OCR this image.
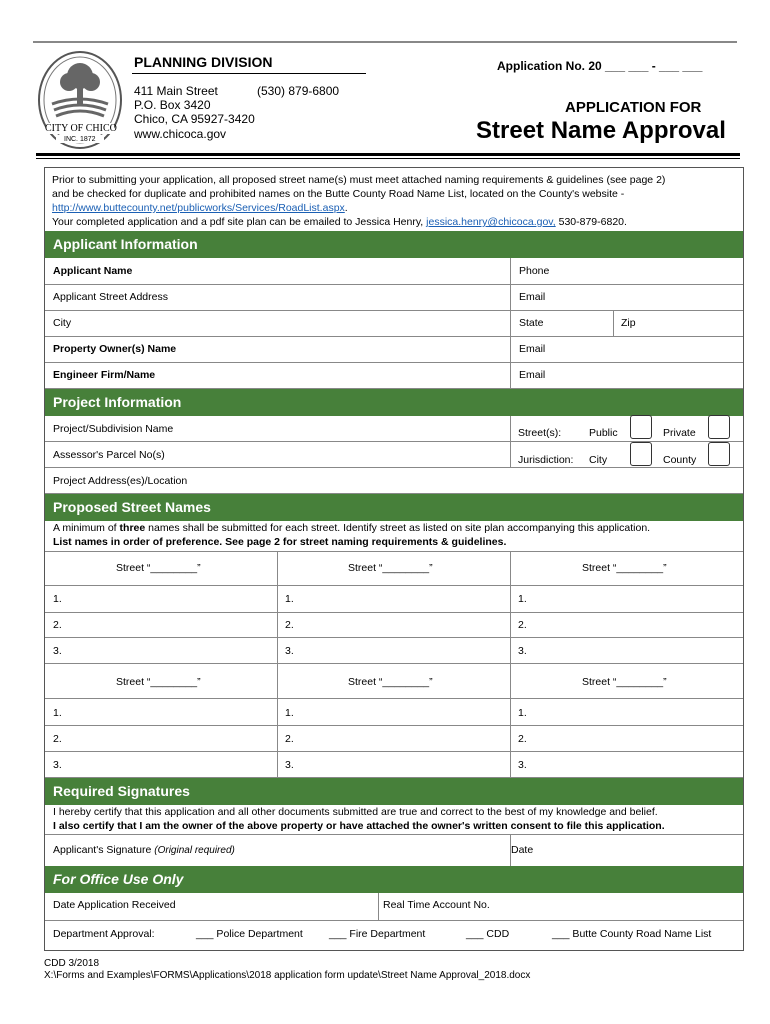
CITY OF CHICO
INC. 1872
PLANNING DIVISION
411 Main Street	(530) 879-6800
P.O. Box 3420
Chico, CA 95927-3420
www.chicoca.gov
Application No. 20 ___ ___ - ___ ___
APPLICATION FOR
Street Name Approval
Prior to submitting your application, all proposed street name(s) must meet attached naming requirements & guidelines (see page 2)
and be checked for duplicate and prohibited names on the Butte County Road Name List, located on the County's website -
http://www.buttecounty.net/publicworks/Services/RoadList.aspx.
Your completed application and a pdf site plan can be emailed to Jessica Henry, jessica.henry@chicoca.gov, 530-879-6820.
Applicant Information
Applicant Name	Phone
Applicant Street Address	Email
City	State	Zip
Property Owner(s) Name	Email
Engineer Firm/Name	Email
Project Information
Project/Subdivision Name	Street(s):	Public	Private
Assessor's Parcel No(s)	Jurisdiction: City	County
Project Address(es)/Location
Proposed Street Names
A minimum of three names shall be submitted for each street. Identify street as listed on site plan accompanying this application.
List names in order of preference. See page 2 for street naming requirements & guidelines.
Street “________”	Street “________”	Street “________”
1.	1.	1.
2.	2.	2.
3.	3.	3.
Street “________”	Street “________”	Street “________”
1.	1.	1.
2.	2.	2.
3.	3.	3.
Required Signatures
I hereby certify that this application and all other documents submitted are true and correct to the best of my knowledge and belief.
I also certify that I am the owner of the above property or have attached the owner's written consent to file this application.
Applicant's Signature (Original required)	Date
For Office Use Only
Date Application Received	Real Time Account No.
Department Approval:	___ Police Department ___ Fire Department	___ CDD	___ Butte County Road Name List
CDD 3/2018
X:\Forms and Examples\FORMS\Applications\2018 application form update\Street Name Approval_2018.docx
